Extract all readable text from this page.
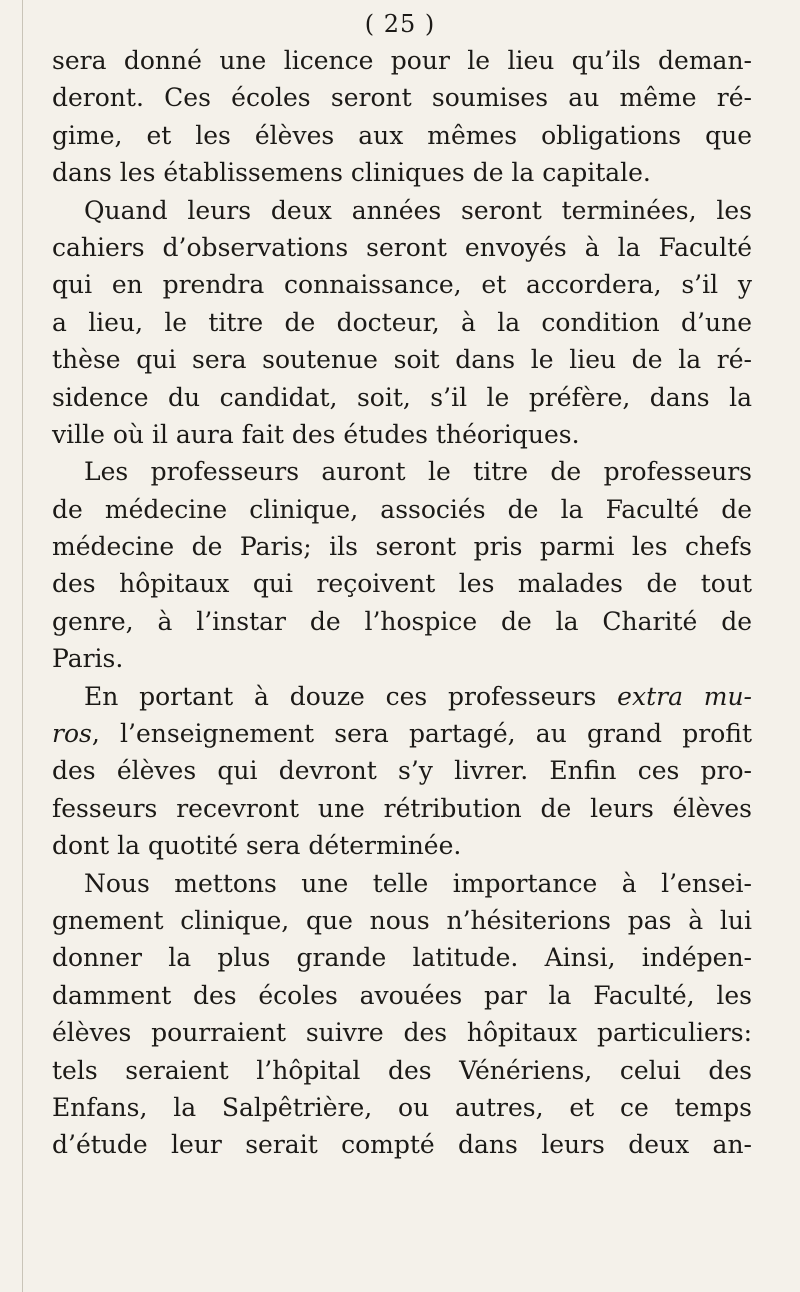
( 25 )
sera donné une licence pour le lieu qu’ils deman-
deront. Ces écoles seront soumises au même ré-
gime, et les élèves aux mêmes obligations que
dans les établissemens cliniques de la capitale.
Quand leurs deux années seront terminées, les
cahiers d’observations seront envoyés à la Faculté
qui en prendra connaissance, et accordera, s’il y
a lieu, le titre de docteur, à la condition d’une
thèse qui sera soutenue soit dans le lieu de la ré-
sidence du candidat, soit, s’il le préfère, dans la
ville où il aura fait des études théoriques.
Les professeurs auront le titre de professeurs
de médecine clinique, associés de la Faculté de
médecine de Paris; ils seront pris parmi les chefs
des hôpitaux qui reçoivent les malades de tout
genre, à l’instar de l’hospice de la Charité de
Paris.
En portant à douze ces professeurs extra mu-
ros, l’enseignement sera partagé, au grand profit
des élèves qui devront s’y livrer. Enfin ces pro-
fesseurs recevront une rétribution de leurs élèves
dont la quotité sera déterminée.
Nous mettons une telle importance à l’ensei-
gnement clinique, que nous n’hésiterions pas à lui
donner la plus grande latitude. Ainsi, indépen-
damment des écoles avouées par la Faculté, les
élèves pourraient suivre des hôpitaux particuliers:
tels seraient l’hôpital des Vénériens, celui des
Enfans, la Salpêtrière, ou autres, et ce temps
d’étude leur serait compté dans leurs deux an-
